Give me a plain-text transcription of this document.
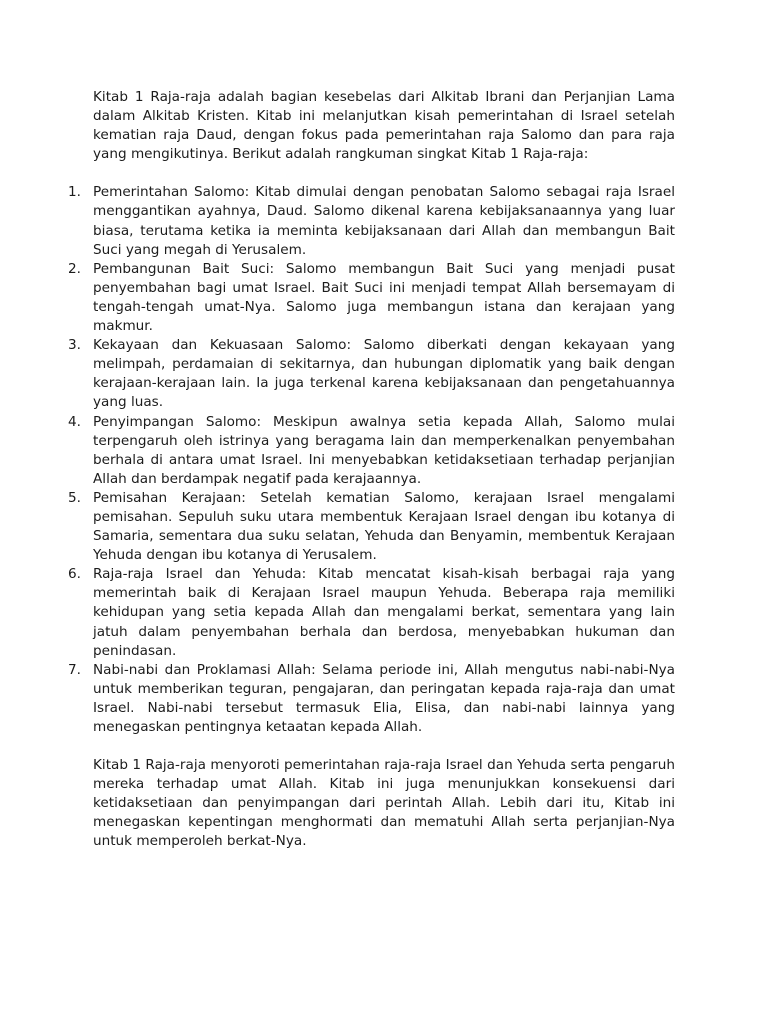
Kitab 1 Raja-raja adalah bagian kesebelas dari Alkitab Ibrani dan Perjanjian Lama dalam Alkitab Kristen. Kitab ini melanjutkan kisah pemerintahan di Israel setelah kematian raja Daud, dengan fokus pada pemerintahan raja Salomo dan para raja yang mengikutinya. Berikut adalah rangkuman singkat Kitab 1 Raja-raja:

1. Pemerintahan Salomo: Kitab dimulai dengan penobatan Salomo sebagai raja Israel menggantikan ayahnya, Daud. Salomo dikenal karena kebijaksanaannya yang luar biasa, terutama ketika ia meminta kebijaksanaan dari Allah dan membangun Bait Suci yang megah di Yerusalem.
2. Pembangunan Bait Suci: Salomo membangun Bait Suci yang menjadi pusat penyembahan bagi umat Israel. Bait Suci ini menjadi tempat Allah bersemayam di tengah-tengah umat-Nya. Salomo juga membangun istana dan kerajaan yang makmur.
3. Kekayaan dan Kekuasaan Salomo: Salomo diberkati dengan kekayaan yang melimpah, perdamaian di sekitarnya, dan hubungan diplomatik yang baik dengan kerajaan-kerajaan lain. Ia juga terkenal karena kebijaksanaan dan pengetahuannya yang luas.
4. Penyimpangan Salomo: Meskipun awalnya setia kepada Allah, Salomo mulai terpengaruh oleh istrinya yang beragama lain dan memperkenalkan penyembahan berhala di antara umat Israel. Ini menyebabkan ketidaksetiaan terhadap perjanjian Allah dan berdampak negatif pada kerajaannya.
5. Pemisahan Kerajaan: Setelah kematian Salomo, kerajaan Israel mengalami pemisahan. Sepuluh suku utara membentuk Kerajaan Israel dengan ibu kotanya di Samaria, sementara dua suku selatan, Yehuda dan Benyamin, membentuk Kerajaan Yehuda dengan ibu kotanya di Yerusalem.
6. Raja-raja Israel dan Yehuda: Kitab mencatat kisah-kisah berbagai raja yang memerintah baik di Kerajaan Israel maupun Yehuda. Beberapa raja memiliki kehidupan yang setia kepada Allah dan mengalami berkat, sementara yang lain jatuh dalam penyembahan berhala dan berdosa, menyebabkan hukuman dan penindasan.
7. Nabi-nabi dan Proklamasi Allah: Selama periode ini, Allah mengutus nabi-nabi-Nya untuk memberikan teguran, pengajaran, dan peringatan kepada raja-raja dan umat Israel. Nabi-nabi tersebut termasuk Elia, Elisa, dan nabi-nabi lainnya yang menegaskan pentingnya ketaatan kepada Allah.

Kitab 1 Raja-raja menyoroti pemerintahan raja-raja Israel dan Yehuda serta pengaruh mereka terhadap umat Allah. Kitab ini juga menunjukkan konsekuensi dari ketidaksetiaan dan penyimpangan dari perintah Allah. Lebih dari itu, Kitab ini menegaskan kepentingan menghormati dan mematuhi Allah serta perjanjian-Nya untuk memperoleh berkat-Nya.
